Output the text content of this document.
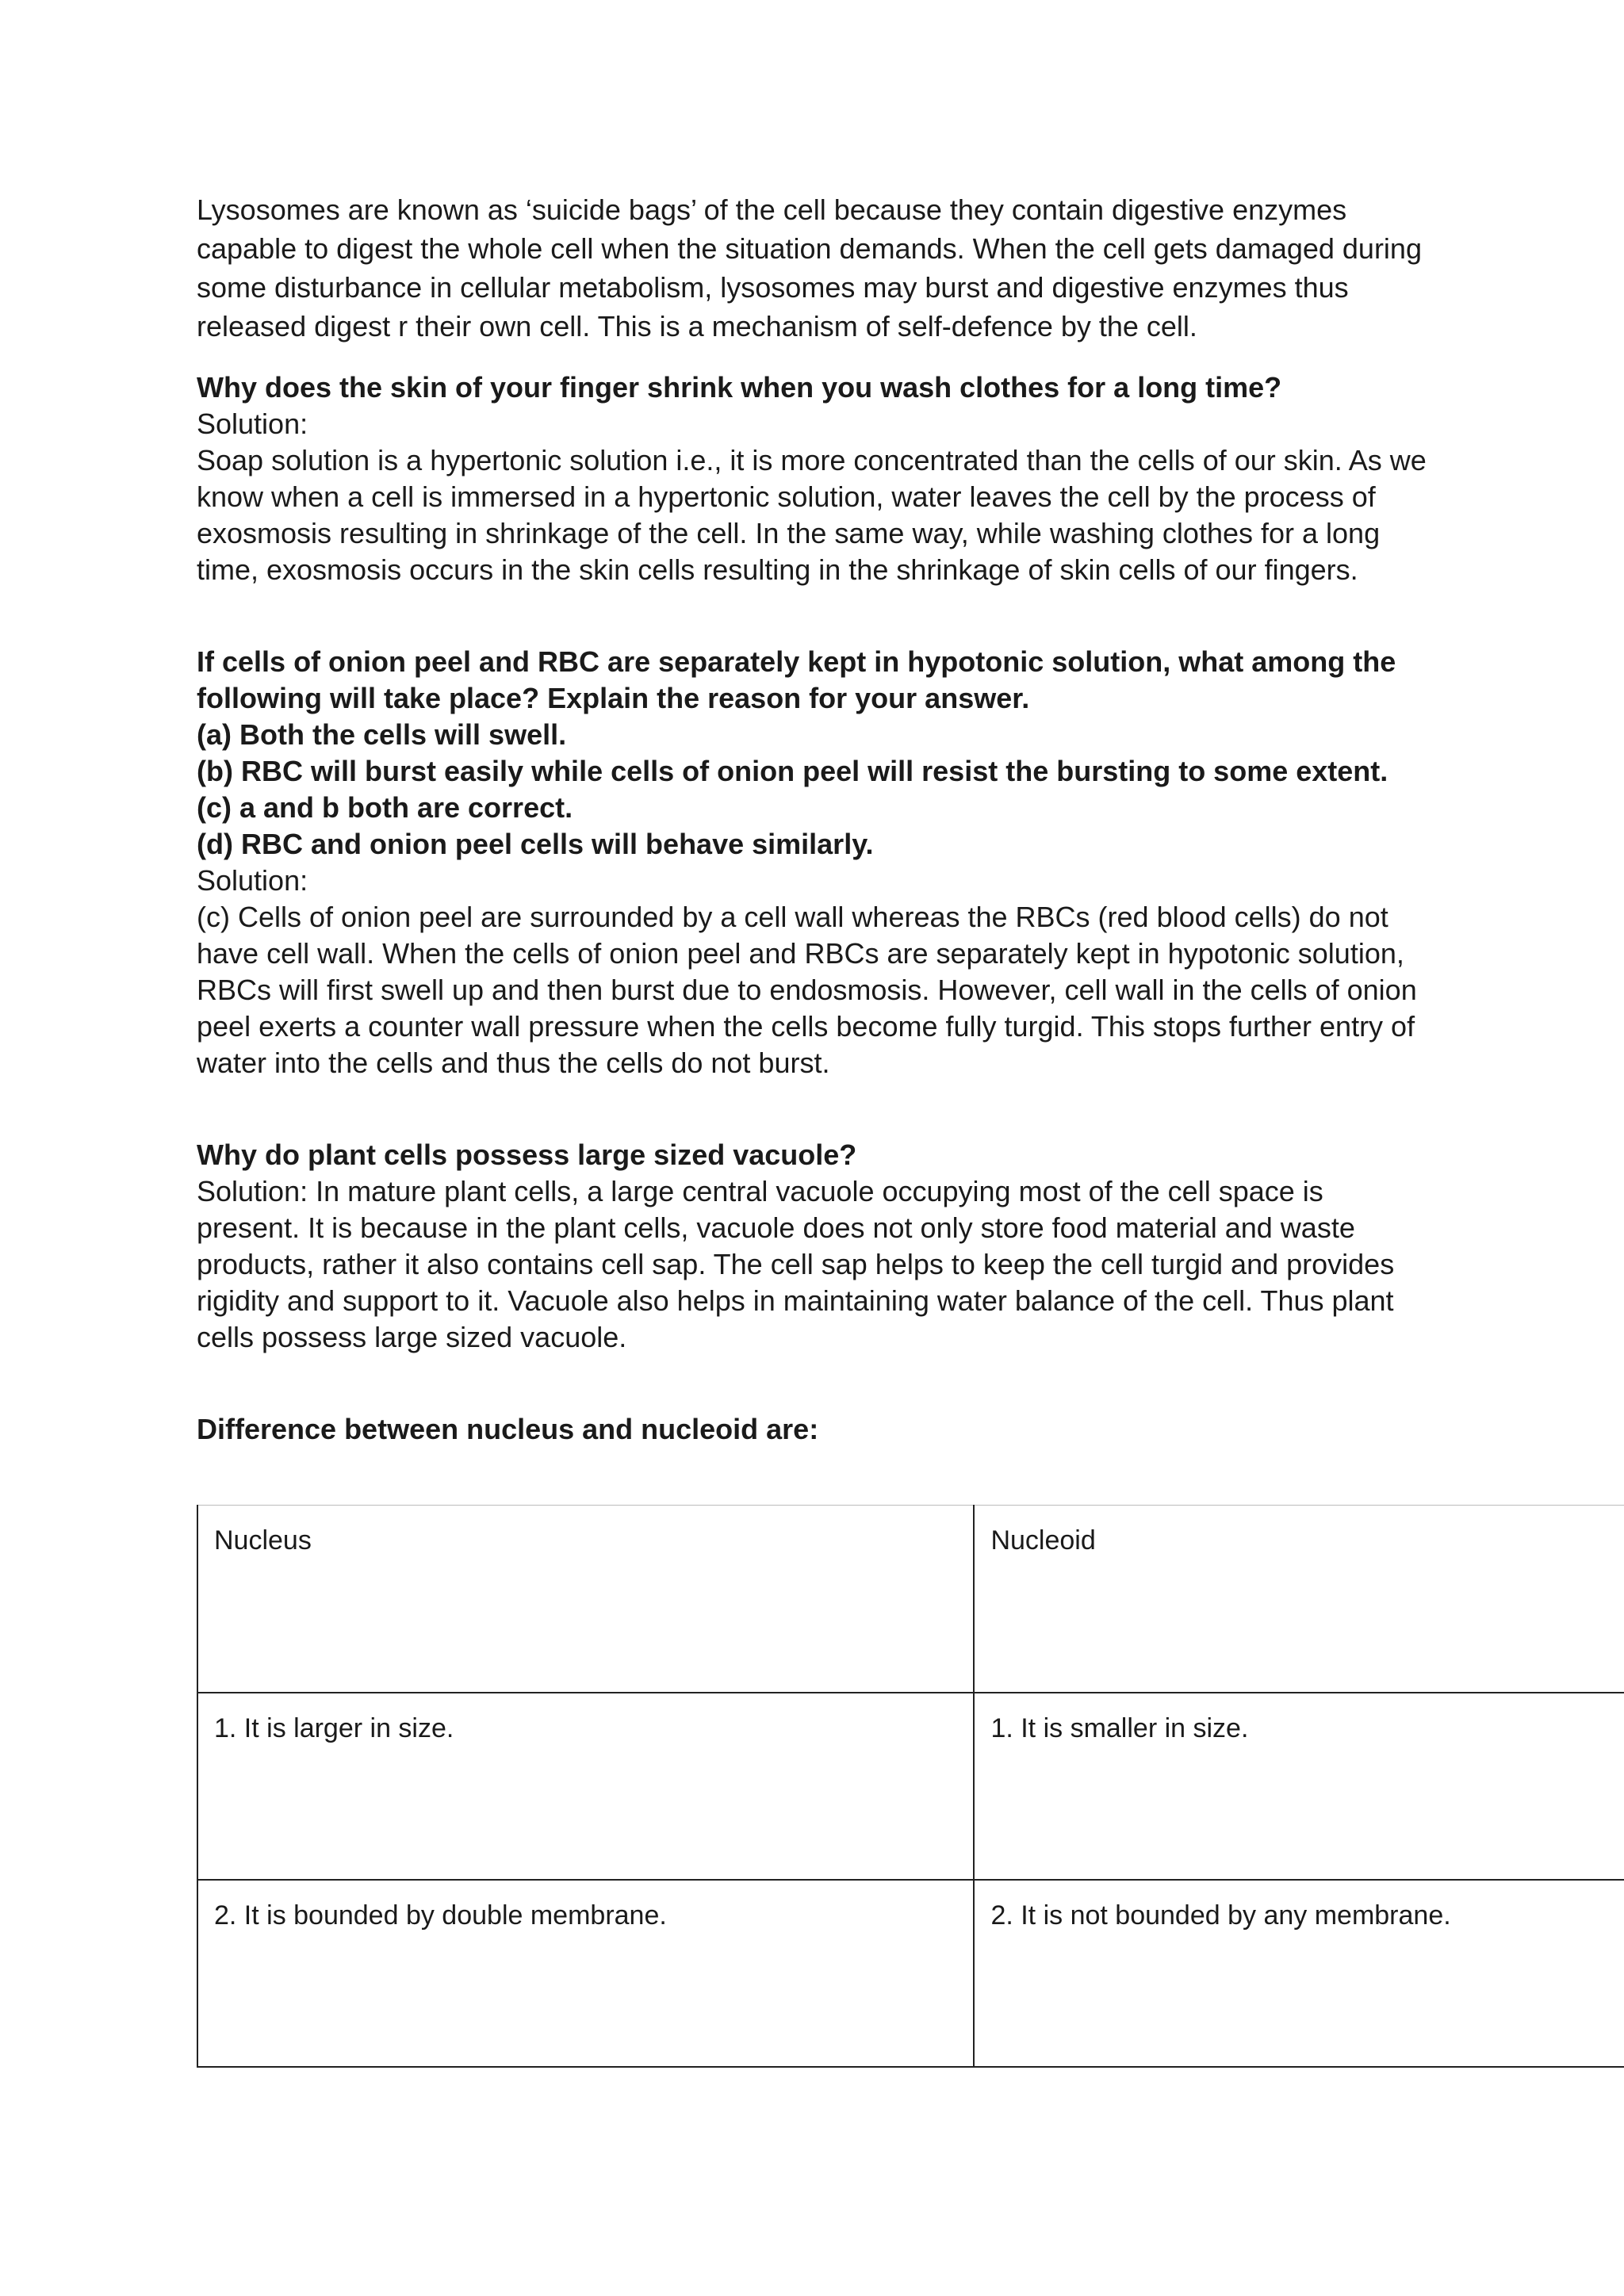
Lysosomes are known as ‘suicide bags’ of the cell because they contain digestive enzymes capable to digest the whole cell when the situation demands. When the cell gets damaged during some disturbance in cellular metabolism, lysosomes may burst and digestive enzymes thus released digest r their own cell. This is a mechanism of self-defence by the cell.

Why does the skin of your finger shrink when you wash clothes for a long time?

Solution:

Soap solution is a hypertonic solution i.e., it is more concentrated than the cells of our skin. As we know when a cell is immersed in a hypertonic solution, water leaves the cell by the process of exosmosis resulting in shrinkage of the cell. In the same way, while washing clothes for a long time, exosmosis occurs in the skin cells resulting in the shrinkage of skin cells of our fingers.

If cells of onion peel and RBC are separately kept in hypotonic solution, what among the following will take place? Explain the reason for your answer.

(a) Both the cells will swell.

(b) RBC will burst easily while cells of onion peel will resist the bursting to some extent.

(c) a and b both are correct.

(d) RBC and onion peel cells will behave similarly.

Solution:

(c) Cells of onion peel are surrounded by a cell wall whereas the RBCs (red blood cells) do not have cell wall. When the cells of onion peel and RBCs are separately kept in hypotonic solution, RBCs will first swell up and then burst due to endosmosis. However, cell wall in the cells of onion peel exerts a counter wall pressure when the cells become fully turgid. This stops further entry of water into the cells and thus the cells do not burst.

Why do plant cells possess large sized vacuole?

Solution: In mature plant cells, a large central vacuole occupying most of the cell space is present. It is because in the plant cells, vacuole does not only store food material and waste products, rather it also contains cell sap. The cell sap helps to keep the cell turgid and provides rigidity and support to it. Vacuole also helps in maintaining water balance of the cell. Thus plant cells possess large sized vacuole.

Difference between nucleus and nucleoid are:

Nucleus	Nucleoid
1. It is larger in size.	1. It is smaller in size.
2. It is bounded by double membrane.	2. It is not bounded by any membrane.
